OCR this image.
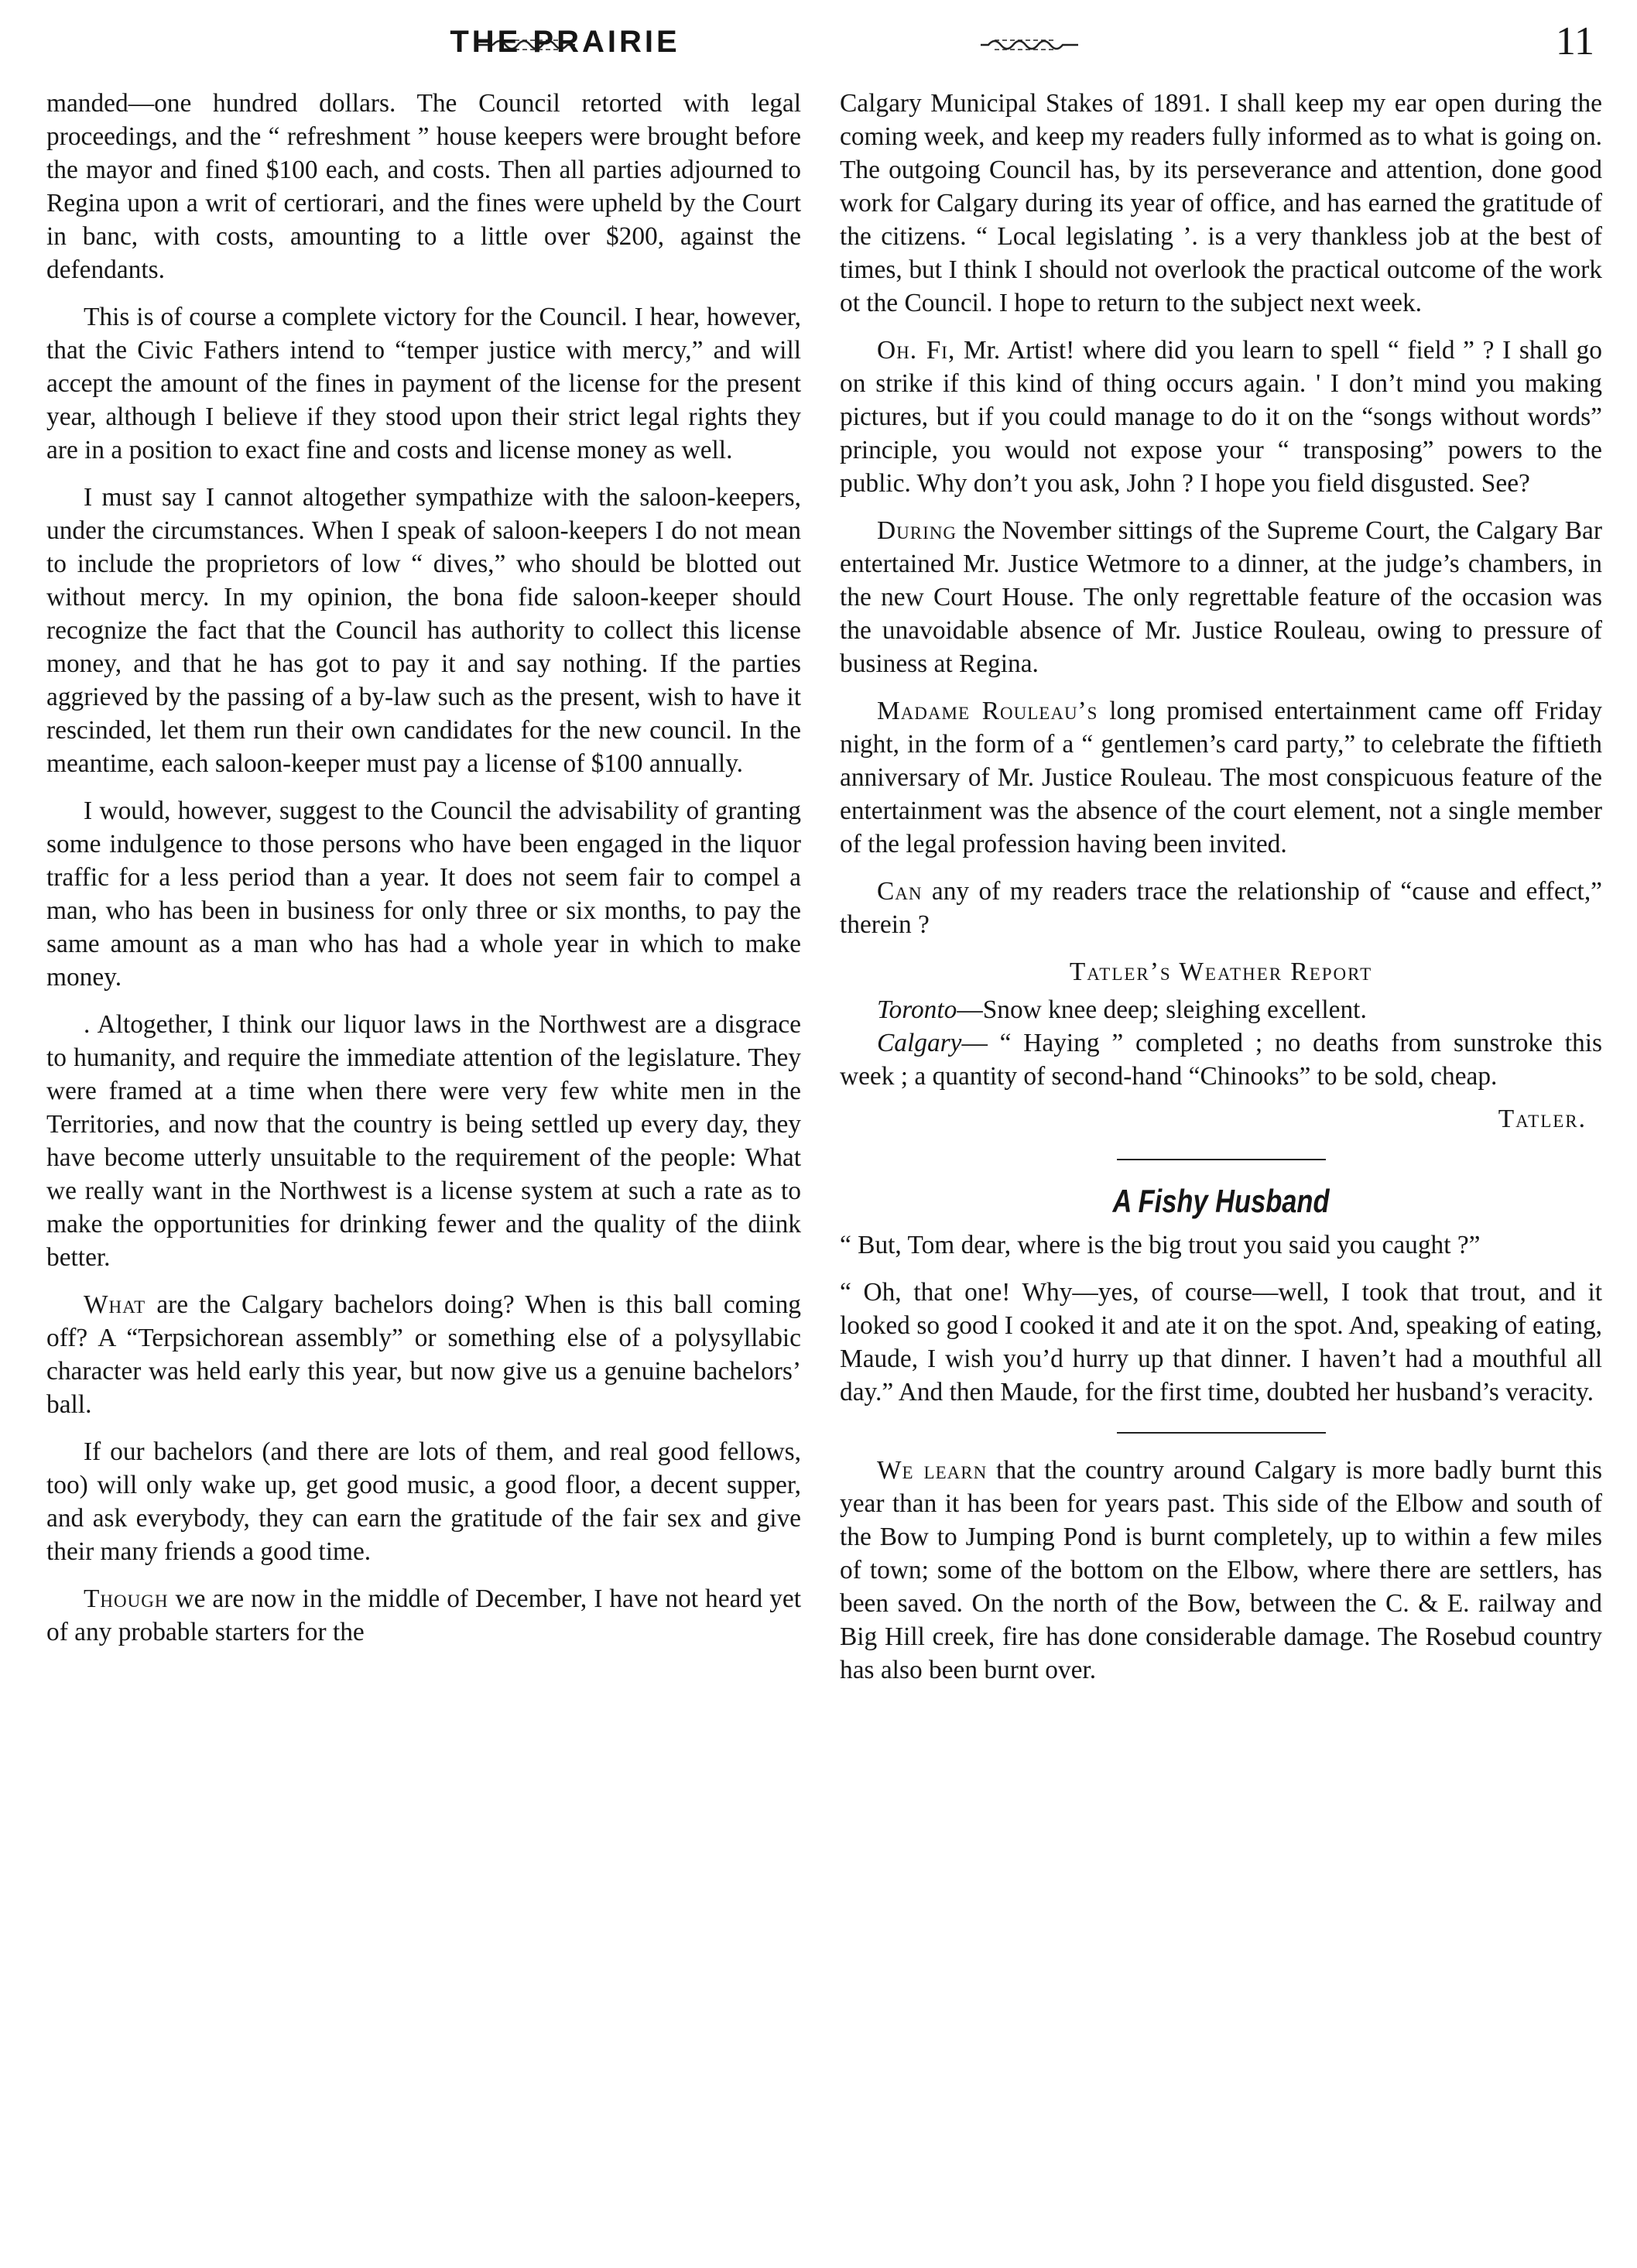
THE PRAIRIE	11

manded—one hundred dollars. The Council retorted with legal proceedings, and the “ refreshment ” house keepers were brought before the mayor and fined $100 each, and costs. Then all parties adjourned to Regina upon a writ of certiorari, and the fines were upheld by the Court in banc, with costs, amounting to a little over $200, against the defendants.

This is of course a complete victory for the Council. I hear, however, that the Civic Fathers intend to “temper justice with mercy,” and will accept the amount of the fines in payment of the license for the present year, although I believe if they stood upon their strict legal rights they are in a position to exact fine and costs and license money as well.

I must say I cannot altogether sympathize with the saloon-keepers, under the circumstances. When I speak of saloon-keepers I do not mean to include the proprietors of low “ dives,” who should be blotted out without mercy. In my opinion, the bona fide saloon-keeper should recognize the fact that the Council has authority to collect this license money, and that he has got to pay it and say nothing. If the parties aggrieved by the passing of a by-law such as the present, wish to have it rescinded, let them run their own candidates for the new council. In the meantime, each saloon-keeper must pay a license of $100 annually.

I would, however, suggest to the Council the advisability of granting some indulgence to those persons who have been engaged in the liquor traffic for a less period than a year. It does not seem fair to compel a man, who has been in business for only three or six months, to pay the same amount as a man who has had a whole year in which to make money.

. Altogether, I think our liquor laws in the Northwest are a disgrace to humanity, and require the immediate attention of the legislature. They were framed at a time when there were very few white men in the Territories, and now that the country is being settled up every day, they have become utterly unsuitable to the requirement of the people: What we really want in the Northwest is a license system at such a rate as to make the opportunities for drinking fewer and the quality of the diink better.

What are the Calgary bachelors doing? When is this ball coming off? A “Terpsichorean assembly” or something else of a polysyllabic character was held early this year, but now give us a genuine bachelors’ ball.

If our bachelors (and there are lots of them, and real good fellows, too) will only wake up, get good music, a good floor, a decent supper, and ask everybody, they can earn the gratitude of the fair sex and give their many friends a good time.

Though we are now in the middle of December, I have not heard yet of any probable starters for the

Calgary Municipal Stakes of 1891. I shall keep my ear open during the coming week, and keep my readers fully informed as to what is going on. The outgoing Council has, by its perseverance and attention, done good work for Calgary during its year of office, and has earned the gratitude of the citizens. “ Local legislating ’. is a very thankless job at the best of times, but I think I should not overlook the practical outcome of the work ot the Council. I hope to return to the subject next week.

Oh. Fi, Mr. Artist! where did you learn to spell “ field ” ? I shall go on strike if this kind of thing occurs again. ' I don’t mind you making pictures, but if you could manage to do it on the “songs without words” principle, you would not expose your “ transposing” powers to the public. Why don’t you ask, John ? I hope you field disgusted. See?

During the November sittings of the Supreme Court, the Calgary Bar entertained Mr. Justice Wetmore to a dinner, at the judge’s chambers, in the new Court House. The only regrettable feature of the occasion was the unavoidable absence of Mr. Justice Rouleau, owing to pressure of business at Regina.

Madame Rouleau’s long promised entertainment came off Friday night, in the form of a “ gentlemen’s card party,” to celebrate the fiftieth anniversary of Mr. Justice Rouleau. The most conspicuous feature of the entertainment was the absence of the court element, not a single member of the legal profession having been invited.

Can any of my readers trace the relationship of “cause and effect,” therein ?

Tatler’s Weather Report

Toronto—Snow knee deep; sleighing excellent.

Calgary— “ Haying ” completed ; no deaths from sunstroke this week ; a quantity of second-hand “Chinooks” to be sold, cheap.

Tatler.
A Fishy Husband

“ But, Tom dear, where is the big trout you said you caught ?”

“ Oh, that one! Why—yes, of course—well, I took that trout, and it looked so good I cooked it and ate it on the spot. And, speaking of eating, Maude, I wish you’d hurry up that dinner. I haven’t had a mouthful all day.” And then Maude, for the first time, doubted her husband’s veracity.

We learn that the country around Calgary is more badly burnt this year than it has been for years past. This side of the Elbow and south of the Bow to Jumping Pond is burnt completely, up to within a few miles of town; some of the bottom on the Elbow, where there are settlers, has been saved. On the north of the Bow, between the C. & E. railway and Big Hill creek, fire has done considerable damage. The Rosebud country has also been burnt over.
